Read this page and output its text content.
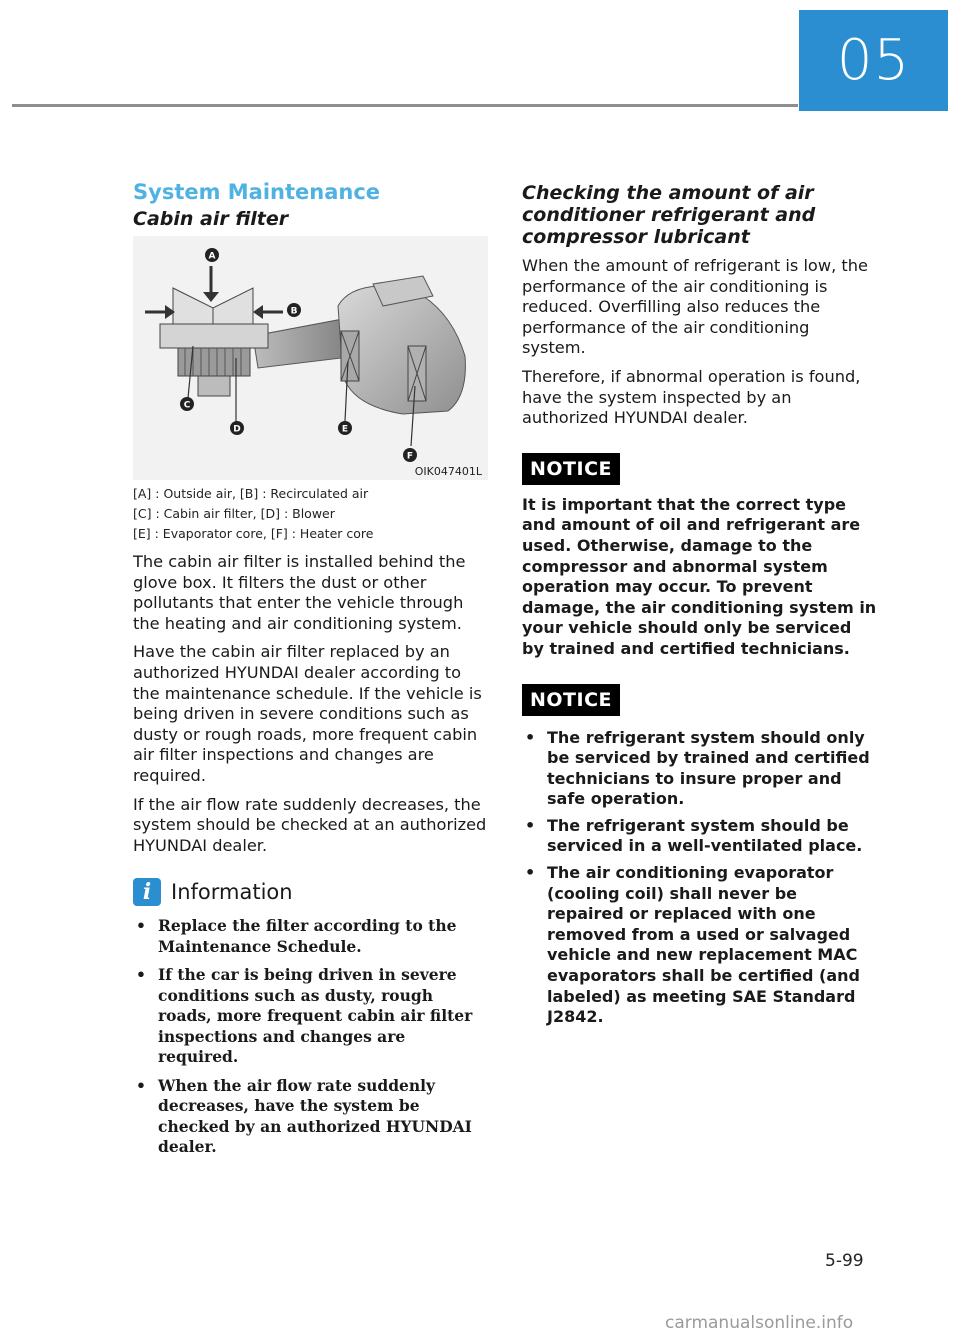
05
System Maintenance
Cabin air filter
A
B
C
D	E
F
OIK047401L
[A] : Outside air, [B] : Recirculated air
[C] : Cabin air filter, [D] : Blower
[E] : Evaporator core, [F] : Heater core

The cabin air filter is installed behind the glove box. It filters the dust or other pollutants that enter the vehicle through the heating and air conditioning system.

Have the cabin air filter replaced by an authorized HYUNDAI dealer according to the maintenance schedule. If the vehicle is being driven in severe conditions such as dusty or rough roads, more frequent cabin air filter inspections and changes are required.

If the air flow rate suddenly decreases, the system should be checked at an authorized HYUNDAI dealer.

i Information
• Replace the filter according to the Maintenance Schedule.
• If the car is being driven in severe conditions such as dusty, rough roads, more frequent cabin air filter inspections and changes are required.
• When the air flow rate suddenly decreases, have the system be checked by an authorized HYUNDAI dealer.
Checking the amount of air conditioner refrigerant and compressor lubricant

When the amount of refrigerant is low, the performance of the air conditioning is reduced. Overfilling also reduces the performance of the air conditioning system.

Therefore, if abnormal operation is found, have the system inspected by an authorized HYUNDAI dealer.

NOTICE
It is important that the correct type and amount of oil and refrigerant are used. Otherwise, damage to the compressor and abnormal system operation may occur. To prevent damage, the air conditioning system in your vehicle should only be serviced by trained and certified technicians.
NOTICE
• The refrigerant system should only be serviced by trained and certified technicians to insure proper and safe operation.
• The refrigerant system should be serviced in a well-ventilated place.
• The air conditioning evaporator (cooling coil) shall never be repaired or replaced with one removed from a used or salvaged vehicle and new replacement MAC evaporators shall be certified (and labeled) as meeting SAE Standard J2842.
5-99
carmanualsonline.info
